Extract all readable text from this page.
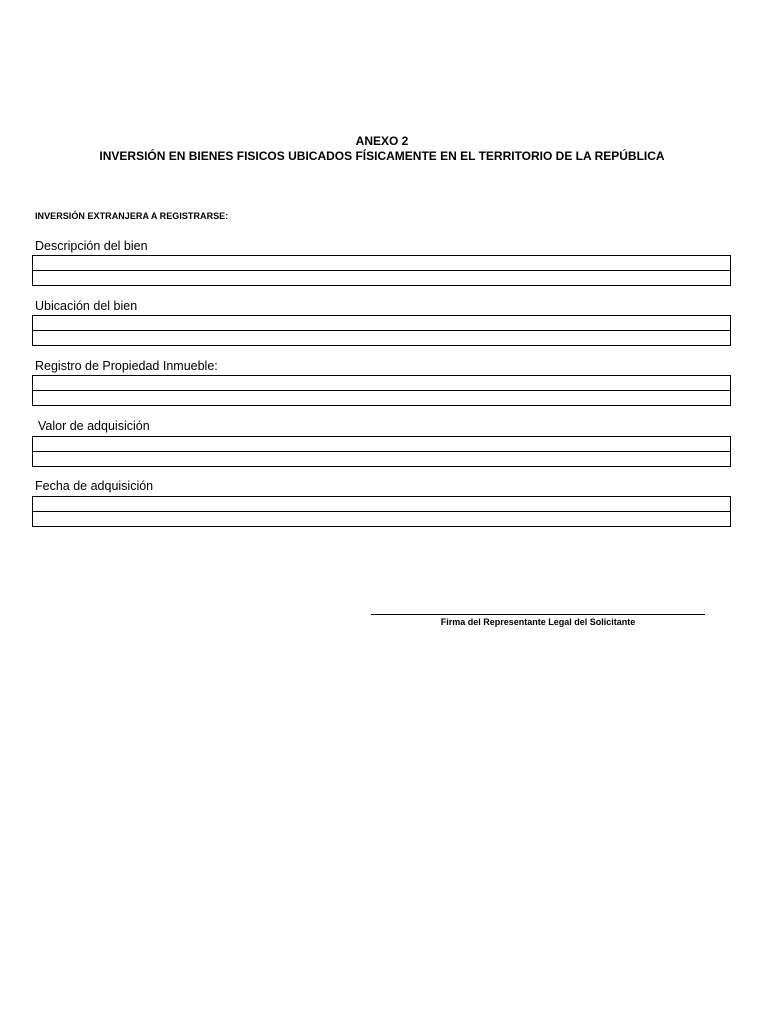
ANEXO 2
INVERSIÓN EN BIENES FISICOS UBICADOS FÍSICAMENTE EN EL TERRITORIO DE LA REPÚBLICA
INVERSIÓN EXTRANJERA A REGISTRARSE:
Descripción del bien
Ubicación del bien
Registro de Propiedad Inmueble:
Valor de adquisición
Fecha de adquisición
Firma del Representante Legal del Solicitante
